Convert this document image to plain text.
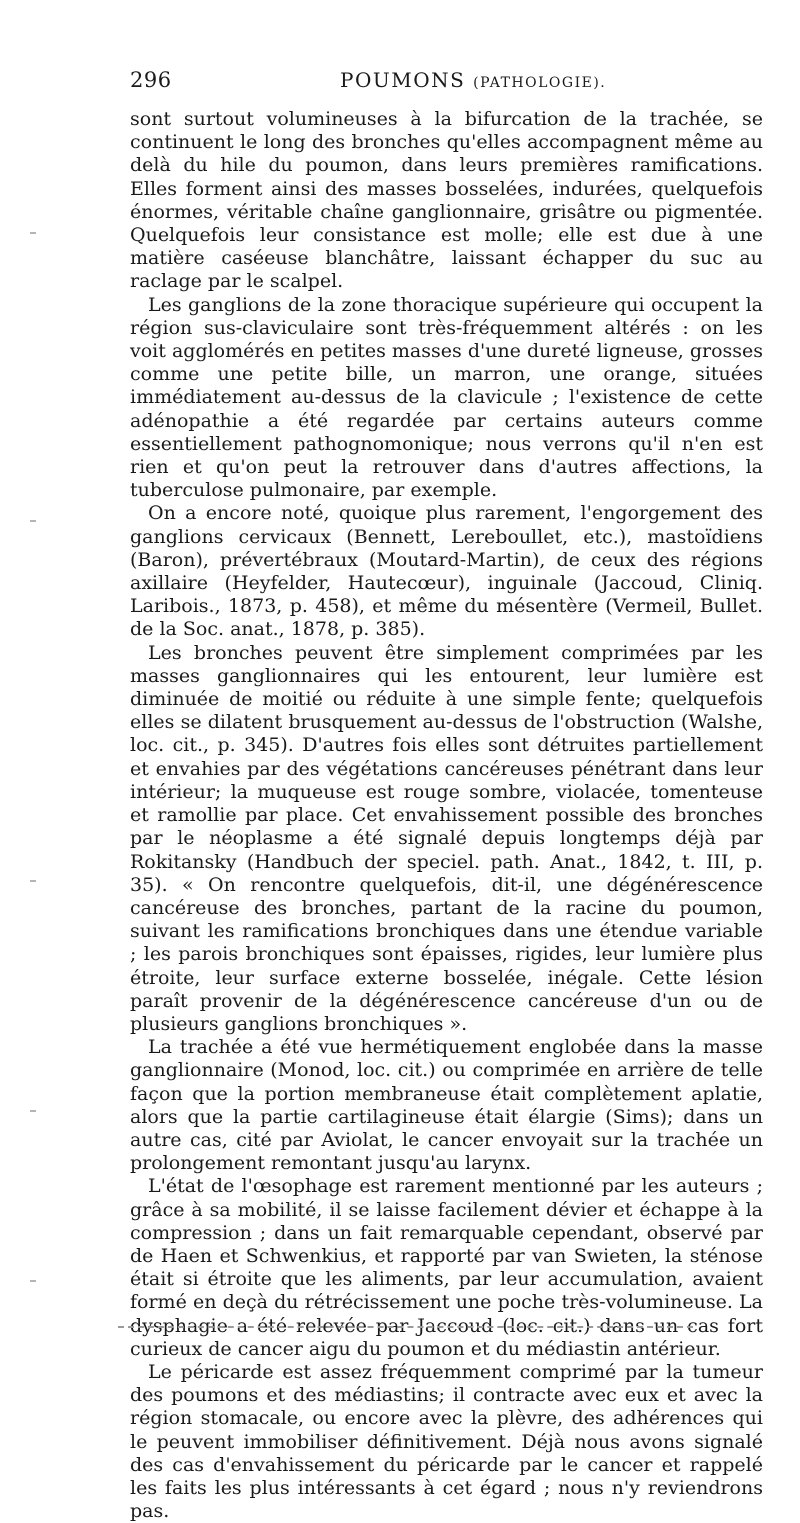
296	POUMONS (PATHOLOGIE).

sont surtout volumineuses à la bifurcation de la trachée, se continuent le long des bronches qu'elles accompagnent même au delà du hile du poumon, dans leurs premières ramifications. Elles forment ainsi des masses bosselées, indurées, quelquefois énormes, véritable chaîne ganglionnaire, grisâtre ou pigmentée. Quelquefois leur consistance est molle; elle est due à une matière caséeuse blanchâtre, laissant échapper du suc au raclage par le scalpel.

Les ganglions de la zone thoracique supérieure qui occupent la région sus-claviculaire sont très-fréquemment altérés : on les voit agglomérés en petites masses d'une dureté ligneuse, grosses comme une petite bille, un marron, une orange, situées immédiatement au-dessus de la clavicule ; l'existence de cette adénopathie a été regardée par certains auteurs comme essentiellement pathognomonique; nous verrons qu'il n'en est rien et qu'on peut la retrouver dans d'autres affections, la tuberculose pulmonaire, par exemple.

On a encore noté, quoique plus rarement, l'engorgement des ganglions cervicaux (Bennett, Lereboullet, etc.), mastoïdiens (Baron), prévertébraux (Moutard-Martin), de ceux des régions axillaire (Heyfelder, Hautecœur), inguinale (Jaccoud, Cliniq. Laribois., 1873, p. 458), et même du mésentère (Vermeil, Bullet. de la Soc. anat., 1878, p. 385).

Les bronches peuvent être simplement comprimées par les masses ganglionnaires qui les entourent, leur lumière est diminuée de moitié ou réduite à une simple fente; quelquefois elles se dilatent brusquement au-dessus de l'obstruction (Walshe, loc. cit., p. 345). D'autres fois elles sont détruites partiellement et envahies par des végétations cancéreuses pénétrant dans leur intérieur; la muqueuse est rouge sombre, violacée, tomenteuse et ramollie par place. Cet envahissement possible des bronches par le néoplasme a été signalé depuis longtemps déjà par Rokitansky (Handbuch der speciel. path. Anat., 1842, t. III, p. 35). « On rencontre quelquefois, dit-il, une dégénérescence cancéreuse des bronches, partant de la racine du poumon, suivant les ramifications bronchiques dans une étendue variable ; les parois bronchiques sont épaisses, rigides, leur lumière plus étroite, leur surface externe bosselée, inégale. Cette lésion paraît provenir de la dégénérescence cancéreuse d'un ou de plusieurs ganglions bronchiques ».

La trachée a été vue hermétiquement englobée dans la masse ganglionnaire (Monod, loc. cit.) ou comprimée en arrière de telle façon que la portion membraneuse était complètement aplatie, alors que la partie cartilagineuse était élargie (Sims); dans un autre cas, cité par Aviolat, le cancer envoyait sur la trachée un prolongement remontant jusqu'au larynx.

L'état de l'œsophage est rarement mentionné par les auteurs ; grâce à sa mobilité, il se laisse facilement dévier et échappe à la compression ; dans un fait remarquable cependant, observé par de Haen et Schwenkius, et rapporté par van Swieten, la sténose était si étroite que les aliments, par leur accumulation, avaient formé en deçà du rétrécissement une poche très-volumineuse. La dysphagie a été relevée par Jaccoud (loc. cit.) dans un cas fort curieux de cancer aigu du poumon et du médiastin antérieur.

Le péricarde est assez fréquemment comprimé par la tumeur des poumons et des médiastins; il contracte avec eux et avec la région stomacale, ou encore avec la plèvre, des adhérences qui le peuvent immobiliser définitivement. Déjà nous avons signalé des cas d'envahissement du péricarde par le cancer et rappelé les faits les plus intéressants à cet égard ; nous n'y reviendrons pas.
